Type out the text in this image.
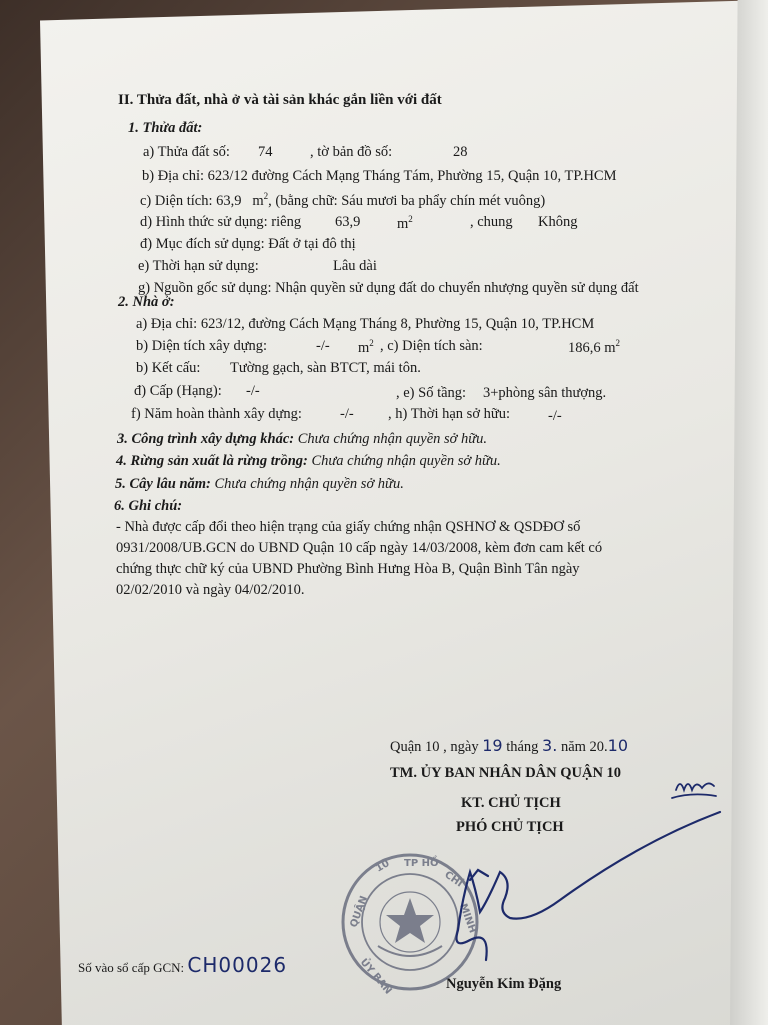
II. Thửa đất, nhà ở và tài sản khác gắn liền với đất
1. Thửa đất:
a) Thửa đất số: 74	, tờ bản đồ số:	28
b) Địa chỉ: 623/12 đường Cách Mạng Tháng Tám, Phường 15, Quận 10, TP.HCM
c) Diện tích: 63,9 $m^2$, (bằng chữ: Sáu mươi ba phẩy chín mét vuông)
d) Hình thức sử dụng: riêng 63,9	$m^2$	, chung Không
đ) Mục đích sử dụng: Đất ở tại đô thị
e) Thời hạn sử dụng:	Lâu dài
g) Nguồn gốc sử dụng: Nhận quyền sử dụng đất do chuyển nhượng quyền sử dụng đất
2. Nhà ở:
a) Địa chỉ: 623/12, đường Cách Mạng Tháng 8, Phường 15, Quận 10, TP.HCM
b) Diện tích xây dựng:	-/- $m^2$ , c) Diện tích sàn:	186,6 $m^2$
b) Kết cấu: Tường gạch, sàn BTCT, mái tôn.
đ) Cấp (Hạng): -/-	, e) Số tầng: 3+phòng sân thượng.
f) Năm hoàn thành xây dựng:	-/- , h) Thời hạn sở hữu:	-/-
3. Công trình xây dựng khác: Chưa chứng nhận quyền sở hữu.
4. Rừng sản xuất là rừng trồng: Chưa chứng nhận quyền sở hữu.
5. Cây lâu năm: Chưa chứng nhận quyền sở hữu.
6. Ghi chú:
- Nhà được cấp đổi theo hiện trạng của giấy chứng nhận QSHNƠ & QSDĐƠ số
0931/2008/UB.GCN do UBND Quận 10 cấp ngày 14/03/2008, kèm đơn cam kết có
chứng thực chữ ký của UBND Phường Bình Hưng Hòa B, Quận Bình Tân ngày
02/02/2010 và ngày 04/02/2010.
Quận 10 , ngày 19 tháng 3. năm 20.10
TM. ỦY BAN NHÂN DÂN QUẬN 10
KT. CHỦ TỊCH
PHÓ CHỦ TỊCH
Nguyễn Kim Đặng
Số vào sổ cấp GCN: CH00026
QUẬN
10 TP HỒ
CHÍ
MINH
ỦY BAN
